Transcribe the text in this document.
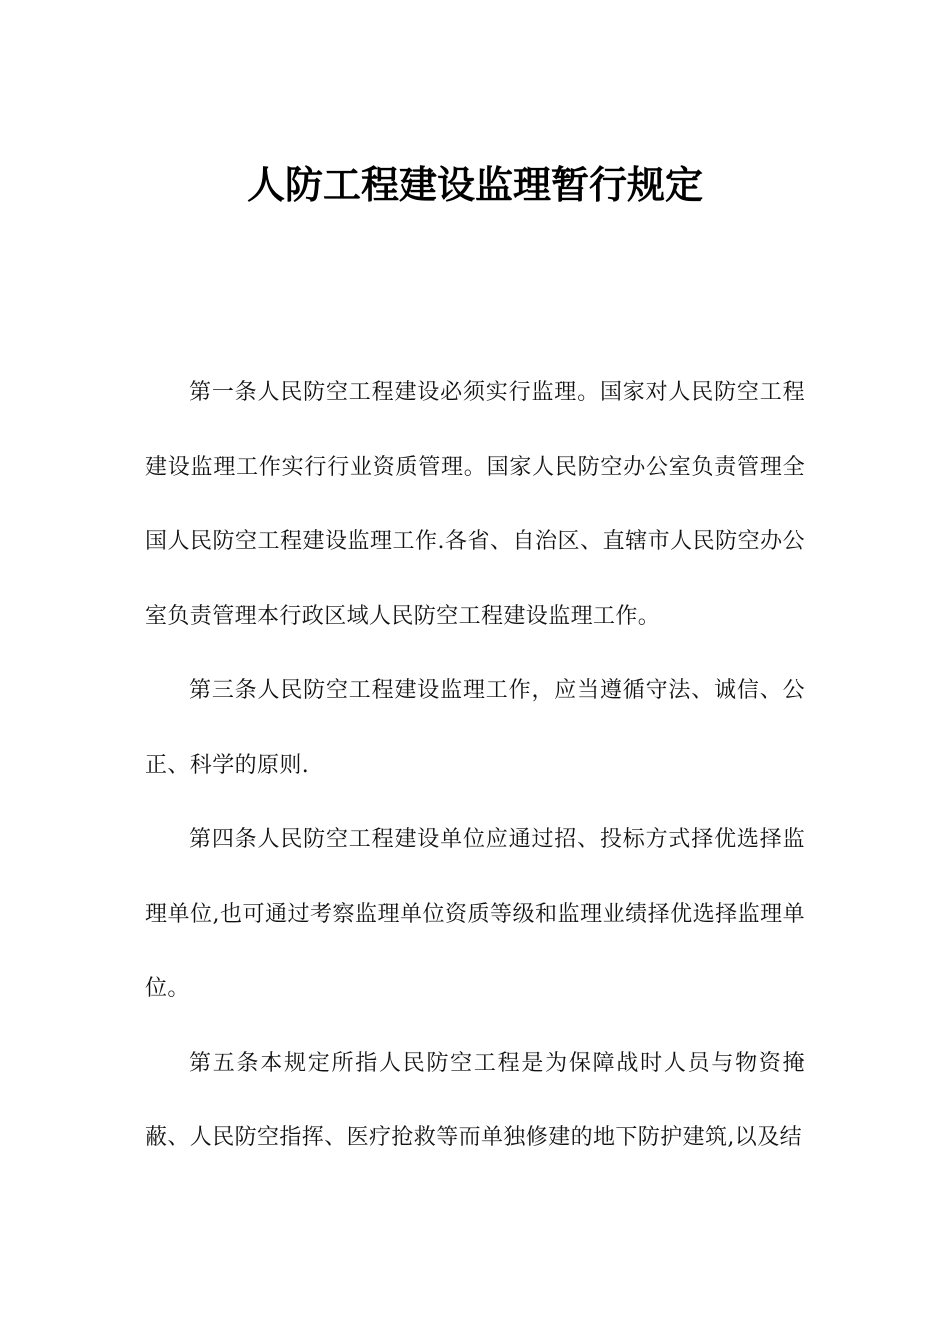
人防工程建设监理暂行规定

第一条人民防空工程建设必须实行监理。国家对人民防空工程建设监理工作实行行业资质管理。国家人民防空办公室负责管理全国人民防空工程建设监理工作.各省、自治区、直辖市人民防空办公室负责管理本行政区域人民防空工程建设监理工作。

第三条人民防空工程建设监理工作，应当遵循守法、诚信、公正、科学的原则.

第四条人民防空工程建设单位应通过招、投标方式择优选择监理单位,也可通过考察监理单位资质等级和监理业绩择优选择监理单位。

第五条本规定所指人民防空工程是为保障战时人员与物资掩蔽、人民防空指挥、医疗抢救等而单独修建的地下防护建筑,以及结
